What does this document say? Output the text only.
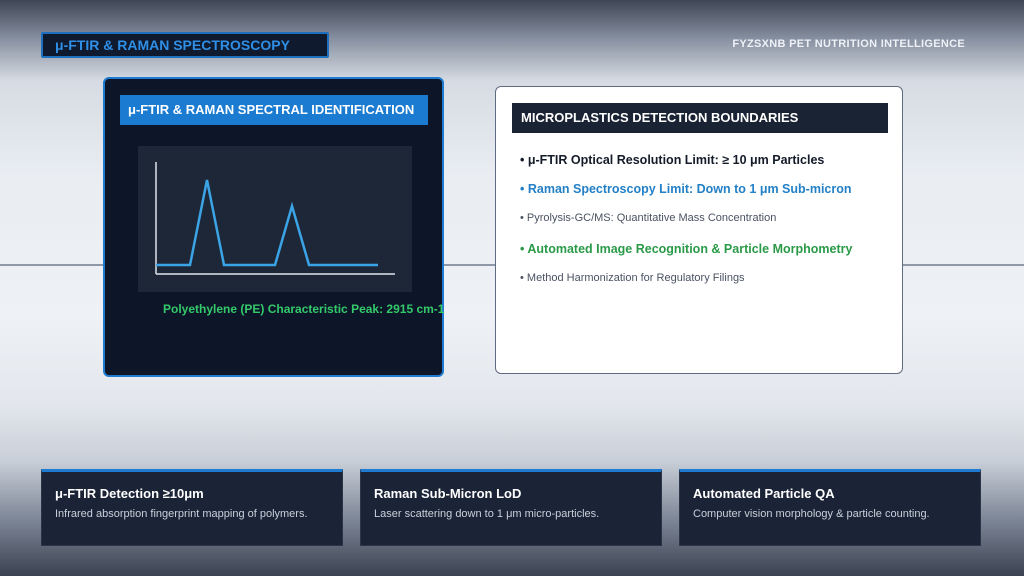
μ-FTIR & RAMAN SPECTROSCOPY	FYZSXNB PET NUTRITION INTELLIGENCE
μ-FTIR & RAMAN SPECTRAL IDENTIFICATION
Polyethylene (PE) Characteristic Peak: 2915 cm-1
MICROPLASTICS DETECTION BOUNDARIES
• μ-FTIR Optical Resolution Limit: ≥ 10 μm Particles
• Raman Spectroscopy Limit: Down to 1 μm Sub-micron
• Pyrolysis-GC/MS: Quantitative Mass Concentration
• Automated Image Recognition & Particle Morphometry
• Method Harmonization for Regulatory Filings
μ-FTIR Detection ≥10μm
Infrared absorption fingerprint mapping of polymers.
Raman Sub-Micron LoD
Laser scattering down to 1 μm micro-particles.
Automated Particle QA
Computer vision morphology & particle counting.
